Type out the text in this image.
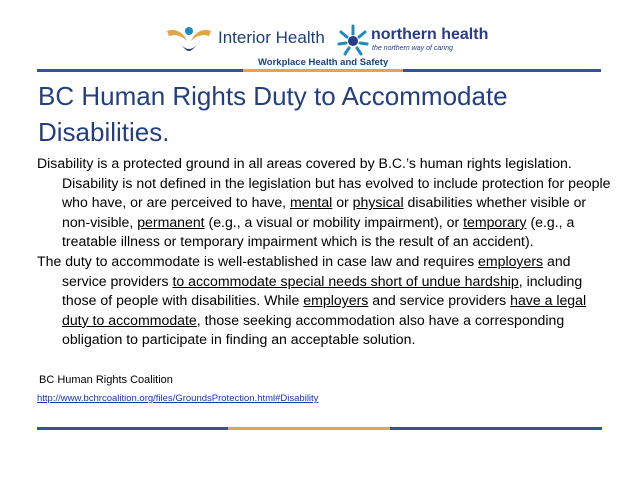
Interior Health	northern health
the northern way of caring
Workplace Health and Safety
BC Human Rights Duty to Accommodate Disabilities.

Disability is a protected ground in all areas covered by B.C.’s human rights legislation. Disability is not defined in the legislation but has evolved to include protection for people who have, or are perceived to have, mental or physical disabilities whether visible or non-visible, permanent (e.g., a visual or mobility impairment), or temporary (e.g., a treatable illness or temporary impairment which is the result of an accident).

The duty to accommodate is well-established in case law and requires employers and service providers to accommodate special needs short of undue hardship, including those of people with disabilities. While employers and service providers have a legal duty to accommodate, those seeking accommodation also have a corresponding obligation to participate in finding an acceptable solution.

BC Human Rights Coalition
http://www.bchrcoalition.org/files/GroundsProtection.html#Disability
